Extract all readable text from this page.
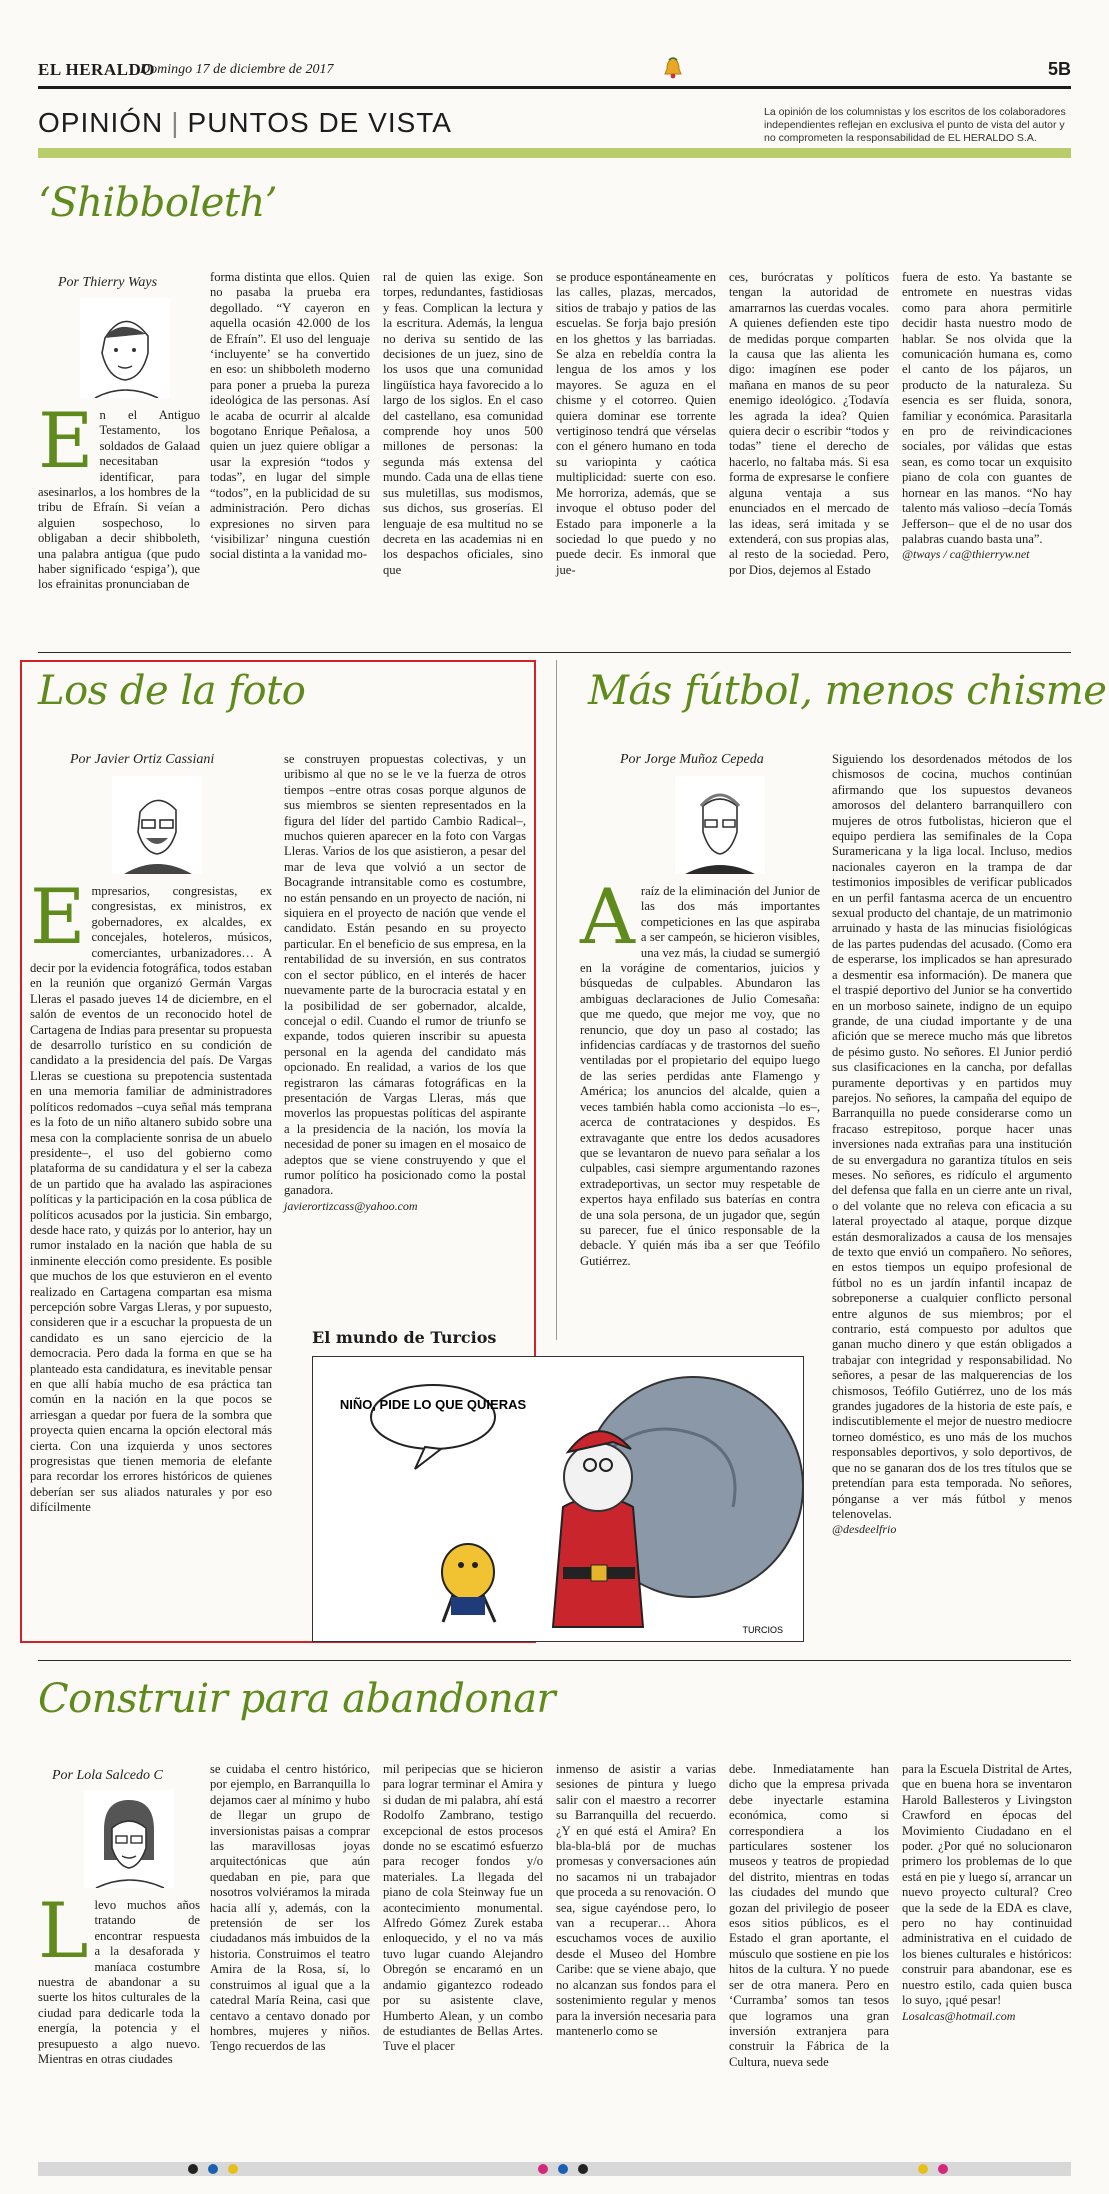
EL HERALDO
Domingo 17 de diciembre de 2017	5B
OPINIÓN | PUNTOS DE VISTA	La opinión de los columnistas y los escritos de los colaboradores independientes reflejan en exclusiva el punto de vista del autor y no comprometen la responsabilidad de EL HERALDO S.A.
‘Shibboleth’
Por Thierry Ways
En el Antiguo Testamento, los soldados de Galaad necesitaban identificar, para asesinarlos, a los hombres de la tribu de Efraín. Si veían a alguien sospechoso, lo obligaban a decir shibboleth, una palabra antigua (que pudo haber significado ‘espiga’), que los efrainitas pronunciaban de
forma distinta que ellos. Quien no pasaba la prueba era degollado. “Y cayeron en aquella ocasión 42.000 de los de Efraín”. El uso del lenguaje ‘incluyente’ se ha convertido en eso: un shibboleth moderno para poner a prueba la pureza ideológica de las personas. Así le acaba de ocurrir al alcalde bogotano Enrique Peñalosa, a quien un juez quiere obligar a usar la expresión “todos y todas”, en lugar del simple “todos”, en la publicidad de su administración. Pero dichas expresiones no sirven para ‘visibilizar’ ninguna cuestión social distinta a la vanidad mo-
ral de quien las exige. Son torpes, redundantes, fastidiosas y feas. Complican la lectura y la escritura. Además, la lengua no deriva su sentido de las decisiones de un juez, sino de los usos que una comunidad lingüística haya favorecido a lo largo de los siglos. En el caso del castellano, esa comunidad comprende hoy unos 500 millones de personas: la segunda más extensa del mundo. Cada una de ellas tiene sus muletillas, sus modismos, sus dichos, sus groserías. El lenguaje de esa multitud no se decreta en las academias ni en los despachos oficiales, sino que
se produce espontáneamente en las calles, plazas, mercados, sitios de trabajo y patios de las escuelas. Se forja bajo presión en los ghettos y las barriadas. Se alza en rebeldía contra la lengua de los amos y los mayores. Se aguza en el chisme y el cotorreo. Quien quiera dominar ese torrente vertiginoso tendrá que vérselas con el género humano en toda su variopinta y caótica multiplicidad: suerte con eso. Me horroriza, además, que se invoque el obtuso poder del Estado para imponerle a la sociedad lo que puedo y no puede decir. Es inmoral que jue-
ces, burócratas y políticos tengan la autoridad de amarrarnos las cuerdas vocales. A quienes defienden este tipo de medidas porque comparten la causa que las alienta les digo: imagínen ese poder mañana en manos de su peor enemigo ideológico. ¿Todavía les agrada la idea? Quien quiera decir o escribir “todos y todas” tiene el derecho de hacerlo, no faltaba más. Si esa forma de expresarse le confiere alguna ventaja a sus enunciados en el mercado de las ideas, será imitada y se extenderá, con sus propias alas, al resto de la sociedad. Pero, por Dios, dejemos al Estado
fuera de esto. Ya bastante se entromete en nuestras vidas como para ahora permitirle decidir hasta nuestro modo de hablar. Se nos olvida que la comunicación humana es, como el canto de los pájaros, un producto de la naturaleza. Su esencia es ser fluida, sonora, familiar y económica. Parasitarla en pro de reivindicaciones sociales, por válidas que estas sean, es como tocar un exquisito piano de cola con guantes de hornear en las manos. “No hay talento más valioso –decía Tomás Jefferson– que el de no usar dos palabras cuando basta una”.
@tways / ca@thierryw.net
Los de la foto
Por Javier Ortiz Cassiani
Empresarios, congresistas, ex congresistas, ex ministros, ex gobernadores, ex alcaldes, ex concejales, hoteleros, músicos, comerciantes, urbanizadores… A decir por la evidencia fotográfica, todos estaban en la reunión que organizó Germán Vargas Lleras el pasado jueves 14 de diciembre, en el salón de eventos de un reconocido hotel de Cartagena de Indias para presentar su propuesta de desarrollo turístico en su condición de candidato a la presidencia del país. De Vargas Lleras se cuestiona su prepotencia sustentada en una memoria familiar de administradores políticos redomados –cuya señal más temprana es la foto de un niño altanero subido sobre una mesa con la complaciente sonrisa de un abuelo presidente–, el uso del gobierno como plataforma de su candidatura y el ser la cabeza de un partido que ha avalado las aspiraciones políticas y la participación en la cosa pública de políticos acusados por la justicia. Sin embargo, desde hace rato, y quizás por lo anterior, hay un rumor instalado en la nación que habla de su inminente elección como presidente. Es posible que muchos de los que estuvieron en el evento realizado en Cartagena compartan esa misma percepción sobre Vargas Lleras, y por supuesto, consideren que ir a escuchar la propuesta de un candidato es un sano ejercicio de la democracia. Pero dada la forma en que se ha planteado esta candidatura, es inevitable pensar en que allí había mucho de esa práctica tan común en la nación en la que pocos se arriesgan a quedar por fuera de la sombra que proyecta quien encarna la opción electoral más cierta. Con una izquierda y unos sectores progresistas que tienen memoria de elefante para recordar los errores históricos de quienes deberían ser sus aliados naturales y por eso difícilmente
se construyen propuestas colectivas, y un uribismo al que no se le ve la fuerza de otros tiempos –entre otras cosas porque algunos de sus miembros se sienten representados en la figura del líder del partido Cambio Radical–, muchos quieren aparecer en la foto con Vargas Lleras. Varios de los que asistieron, a pesar del mar de leva que volvió a un sector de Bocagrande intransitable como es costumbre, no están pensando en un proyecto de nación, ni siquiera en el proyecto de nación que vende el candidato. Están pesando en su proyecto particular. En el beneficio de sus empresa, en la rentabilidad de su inversión, en sus contratos con el sector público, en el interés de hacer nuevamente parte de la burocracia estatal y en la posibilidad de ser gobernador, alcalde, concejal o edil. Cuando el rumor de triunfo se expande, todos quieren inscribir su apuesta personal en la agenda del candidato más opcionado. En realidad, a varios de los que registraron las cámaras fotográficas en la presentación de Vargas Lleras, más que moverlos las propuestas políticas del aspirante a la presidencia de la nación, los movía la necesidad de poner su imagen en el mosaico de adeptos que se viene construyendo y que el rumor político ha posicionado como la postal ganadora.
javierortizcass@yahoo.com
Más fútbol, menos chisme
Por Jorge Muñoz Cepeda
Araíz de la eliminación del Junior de las dos más importantes competiciones en las que aspiraba a ser campeón, se hicieron visibles, una vez más, la ciudad se sumergió en la vorágine de comentarios, juicios y búsquedas de culpables. Abundaron las ambiguas declaraciones de Julio Comesaña: que me quedo, que mejor me voy, que no renuncio, que doy un paso al costado; las infidencias cardíacas y de trastornos del sueño ventiladas por el propietario del equipo luego de las series perdidas ante Flamengo y América; los anuncios del alcalde, quien a veces también habla como accionista –lo es–, acerca de contrataciones y despidos. Es extravagante que entre los dedos acusadores que se levantaron de nuevo para señalar a los culpables, casi siempre argumentando razones extradeportivas, un sector muy respetable de expertos haya enfilado sus baterías en contra de una sola persona, de un jugador que, según su parecer, fue el único responsable de la debacle. Y quién más iba a ser que Teófilo Gutiérrez.
Siguiendo los desordenados métodos de los chismosos de cocina, muchos continúan afirmando que los supuestos devaneos amorosos del delantero barranquillero con mujeres de otros futbolistas, hicieron que el equipo perdiera las semifinales de la Copa Suramericana y la liga local. Incluso, medios nacionales cayeron en la trampa de dar testimonios imposibles de verificar publicados en un perfil fantasma acerca de un encuentro sexual producto del chantaje, de un matrimonio arruinado y hasta de las minucias fisiológicas de las partes pudendas del acusado. (Como era de esperarse, los implicados se han apresurado a desmentir esa información). De manera que el traspié deportivo del Junior se ha convertido en un morboso sainete, indigno de un equipo grande, de una ciudad importante y de una afición que se merece mucho más que libretos de pésimo gusto. No señores. El Junior perdió sus clasificaciones en la cancha, por defallas puramente deportivas y en partidos muy parejos. No señores, la campaña del equipo de Barranquilla no puede considerarse como un fracaso estrepitoso, porque hacer unas inversiones nada extrañas para una institución de su envergadura no garantiza títulos en seis meses. No señores, es ridículo el argumento del defensa que falla en un cierre ante un rival, o del volante que no releva con eficacia a su lateral proyectado al ataque, porque dizque están desmoralizados a causa de los mensajes de texto que envió un compañero. No señores, en estos tiempos un equipo profesional de fútbol no es un jardín infantil incapaz de sobreponerse a cualquier conflicto personal entre algunos de sus miembros; por el contrario, está compuesto por adultos que ganan mucho dinero y que están obligados a trabajar con integridad y responsabilidad. No señores, a pesar de las malquerencias de los chismosos, Teófilo Gutiérrez, uno de los más grandes jugadores de la historia de este país, e indiscutiblemente el mejor de nuestro mediocre torneo doméstico, es uno más de los muchos responsables deportivos, y solo deportivos, de que no se ganaran dos de los tres títulos que se pretendían para esta temporada. No señores, pónganse a ver más fútbol y menos telenovelas.
@desdeelfrio
El mundo de Turcios
NIÑO, PIDE LO QUE QUIERAS
TURCIOS
Construir para abandonar
Por Lola Salcedo C
Llevo muchos años tratando de encontrar respuesta a la desaforada y maníaca costumbre nuestra de abandonar a su suerte los hitos culturales de la ciudad para dedicarle toda la energía, la potencia y el presupuesto a algo nuevo. Mientras en otras ciudades
se cuidaba el centro histórico, por ejemplo, en Barranquilla lo dejamos caer al mínimo y hubo de llegar un grupo de inversionistas paisas a comprar las maravillosas joyas arquitectónicas que aún quedaban en pie, para que nosotros volviéramos la mirada hacia allí y, además, con la pretensión de ser los ciudadanos más imbuidos de la historia. Construimos el teatro Amira de la Rosa, sí, lo construimos al igual que a la catedral María Reina, casi que centavo a centavo donado por hombres, mujeres y niños. Tengo recuerdos de las
mil peripecias que se hicieron para lograr terminar el Amira y si dudan de mi palabra, ahí está Rodolfo Zambrano, testigo excepcional de estos procesos donde no se escatimó esfuerzo para recoger fondos y/o materiales. La llegada del piano de cola Steinway fue un acontecimiento monumental. Alfredo Gómez Zurek estaba enloquecido, y el no va más tuvo lugar cuando Alejandro Obregón se encaramó en un andamio gigantezco rodeado por su asistente clave, Humberto Alean, y un combo de estudiantes de Bellas Artes. Tuve el placer
inmenso de asistir a varias sesiones de pintura y luego salir con el maestro a recorrer su Barranquilla del recuerdo. ¿Y en qué está el Amira? En bla-bla-blá por de muchas promesas y conversaciones aún no sacamos ni un trabajador que proceda a su renovación. O sea, sigue cayéndose pero, lo van a recuperar… Ahora escuchamos voces de auxilio desde el Museo del Hombre Caribe: que se viene abajo, que no alcanzan sus fondos para el sostenimiento regular y menos para la inversión necesaria para mantenerlo como se
debe. Inmediatamente han dicho que la empresa privada debe inyectarle estamina económica, como si correspondiera a los particulares sostener los museos y teatros de propiedad del distrito, mientras en todas las ciudades del mundo que gozan del privilegio de poseer esos sitios públicos, es el Estado el gran aportante, el músculo que sostiene en pie los hitos de la cultura. Y no puede ser de otra manera. Pero en ‘Curramba’ somos tan tesos que logramos una gran inversión extranjera para construir la Fábrica de la Cultura, nueva sede
para la Escuela Distrital de Artes, que en buena hora se inventaron Harold Ballesteros y Livingston Crawford en épocas del Movimiento Ciudadano en el poder. ¿Por qué no solucionaron primero los problemas de lo que está en pie y luego sí, arrancar un nuevo proyecto cultural? Creo que la sede de la EDA es clave, pero no hay continuidad administrativa en el cuidado de los bienes culturales e históricos: construir para abandonar, ese es nuestro estilo, cada quien busca lo suyo, ¡qué pesar!
Losalcas@hotmail.com
